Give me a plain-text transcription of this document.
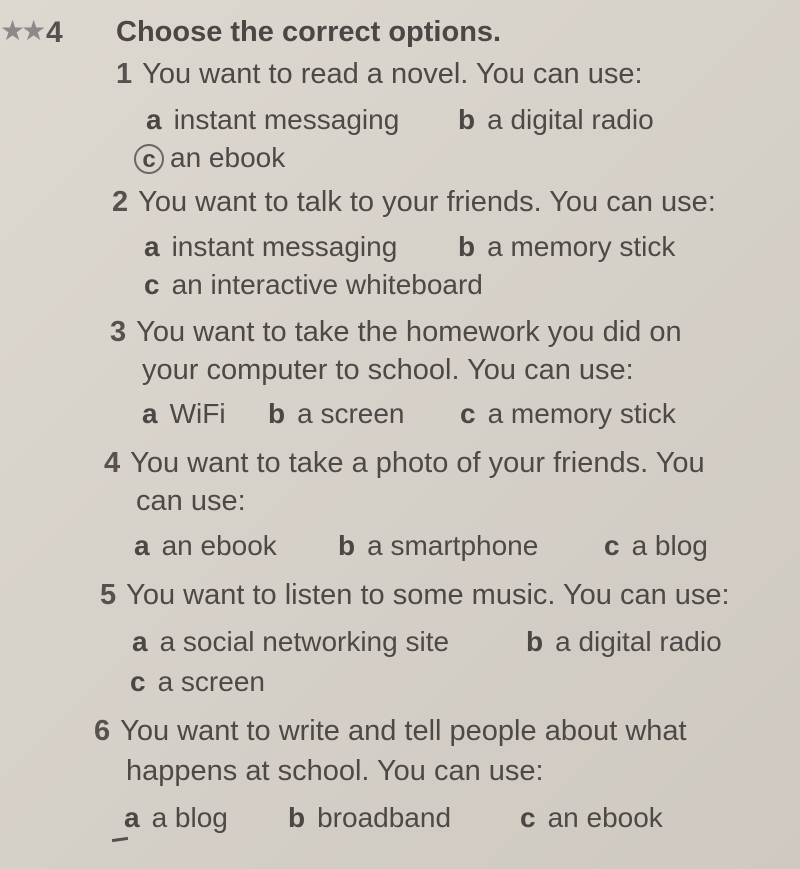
★★ 4 Choose the correct options.
1 You want to read a novel. You can use:
a instant messaging b a digital radio
c an ebook
2 You want to talk to your friends. You can use:
a instant messaging b a memory stick
c an interactive whiteboard
3 You want to take the homework you did on
your computer to school. You can use:
a WiFi b a screen c a memory stick
4 You want to take a photo of your friends. You
can use:
a an ebook b a smartphone c a blog
5 You want to listen to some music. You can use:
a a social networking site	b a digital radio
c a screen
6 You want to write and tell people about what
happens at school. You can use:
a a blog b broadband c an ebook
